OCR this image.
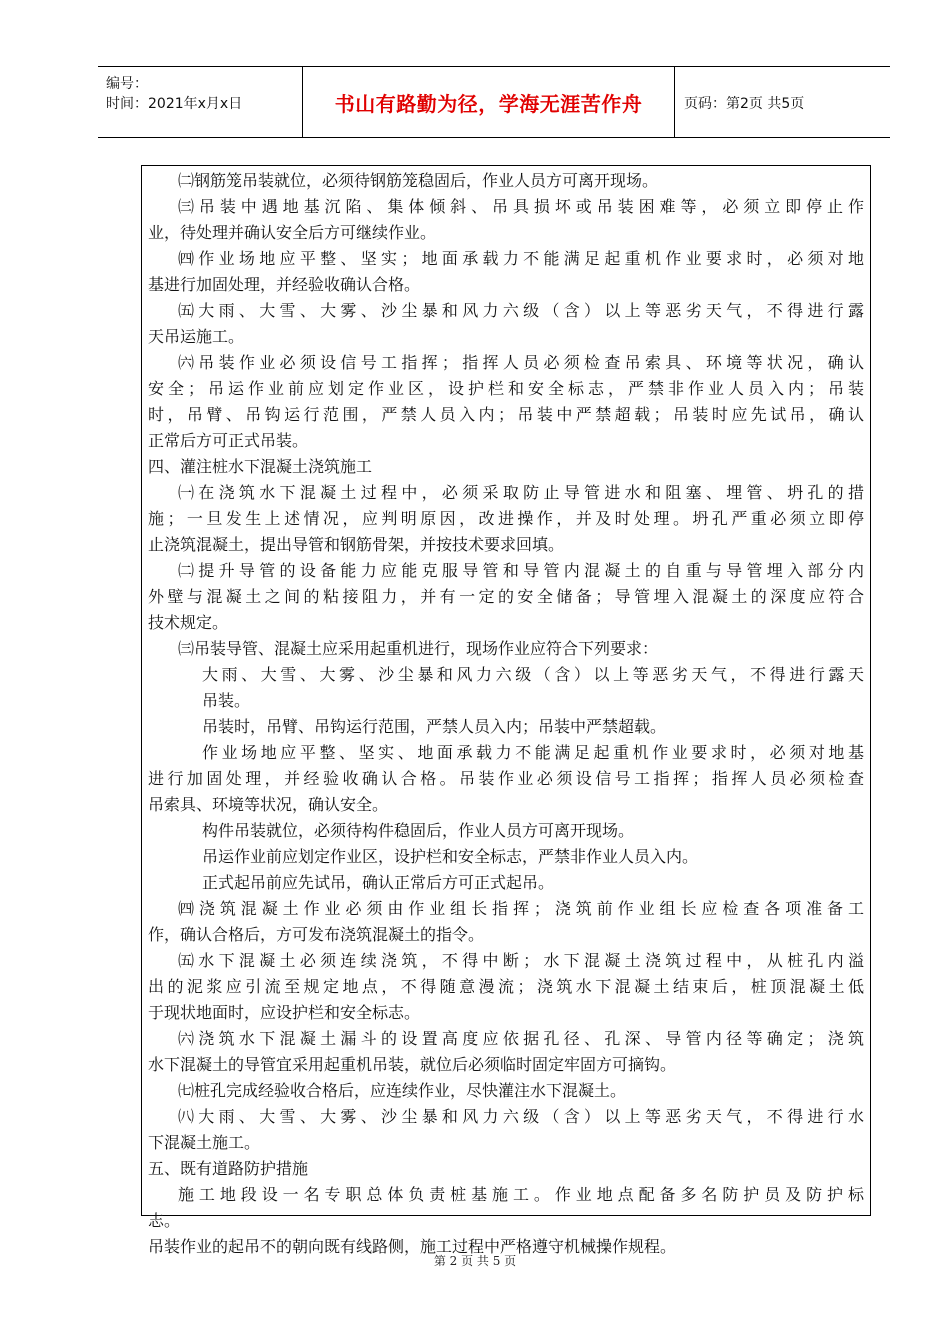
编号：
时间：2021年x月x日	书山有路勤为径，学海无涯苦作舟	页码：第2页 共5页
㈡钢筋笼吊装就位，必须待钢筋笼稳固后，作业人员方可离开现场。
㈢吊装中遇地基沉陷、集体倾斜、吊具损坏或吊装困难等，必须立即停止作
业，待处理并确认安全后方可继续作业。
㈣作业场地应平整、坚实；地面承载力不能满足起重机作业要求时，必须对地
基进行加固处理，并经验收确认合格。
㈤大雨、大雪、大雾、沙尘暴和风力六级（含）以上等恶劣天气，不得进行露
天吊运施工。
㈥吊装作业必须设信号工指挥；指挥人员必须检查吊索具、环境等状况，确认
安全；吊运作业前应划定作业区，设护栏和安全标志，严禁非作业人员入内；吊装
时，吊臂、吊钩运行范围，严禁人员入内；吊装中严禁超载；吊装时应先试吊，确认
正常后方可正式吊装。
四、灌注桩水下混凝土浇筑施工
㈠在浇筑水下混凝土过程中，必须采取防止导管进水和阻塞、埋管、坍孔的措
施；一旦发生上述情况，应判明原因，改进操作，并及时处理。坍孔严重必须立即停
止浇筑混凝土，提出导管和钢筋骨架，并按技术要求回填。
㈡提升导管的设备能力应能克服导管和导管内混凝土的自重与导管埋入部分内
外壁与混凝土之间的粘接阻力，并有一定的安全储备；导管埋入混凝土的深度应符合
技术规定。
㈢吊装导管、混凝土应采用起重机进行，现场作业应符合下列要求：
大雨、大雪、大雾、沙尘暴和风力六级（含）以上等恶劣天气，不得进行露天
吊装。
吊装时，吊臂、吊钩运行范围，严禁人员入内；吊装中严禁超载。
作业场地应平整、坚实、地面承载力不能满足起重机作业要求时，必须对地基
进行加固处理，并经验收确认合格。吊装作业必须设信号工指挥；指挥人员必须检查
吊索具、环境等状况，确认安全。
构件吊装就位，必须待构件稳固后，作业人员方可离开现场。
吊运作业前应划定作业区，设护栏和安全标志，严禁非作业人员入内。
正式起吊前应先试吊，确认正常后方可正式起吊。
㈣浇筑混凝土作业必须由作业组长指挥；浇筑前作业组长应检查各项准备工
作，确认合格后，方可发布浇筑混凝土的指令。
㈤水下混凝土必须连续浇筑，不得中断；水下混凝土浇筑过程中，从桩孔内溢
出的泥浆应引流至规定地点，不得随意漫流；浇筑水下混凝土结束后，桩顶混凝土低
于现状地面时，应设护栏和安全标志。
㈥浇筑水下混凝土漏斗的设置高度应依据孔径、孔深、导管内径等确定；浇筑
水下混凝土的导管宜采用起重机吊装，就位后必须临时固定牢固方可摘钩。
㈦桩孔完成经验收合格后，应连续作业，尽快灌注水下混凝土。
㈧大雨、大雪、大雾、沙尘暴和风力六级（含）以上等恶劣天气，不得进行水
下混凝土施工。
五、既有道路防护措施
施工地段设一名专职总体负责桩基施工。作业地点配备多名防护员及防护标
志。
吊装作业的起吊不的朝向既有线路侧，施工过程中严格遵守机械操作规程。
第 2 页 共 5 页
